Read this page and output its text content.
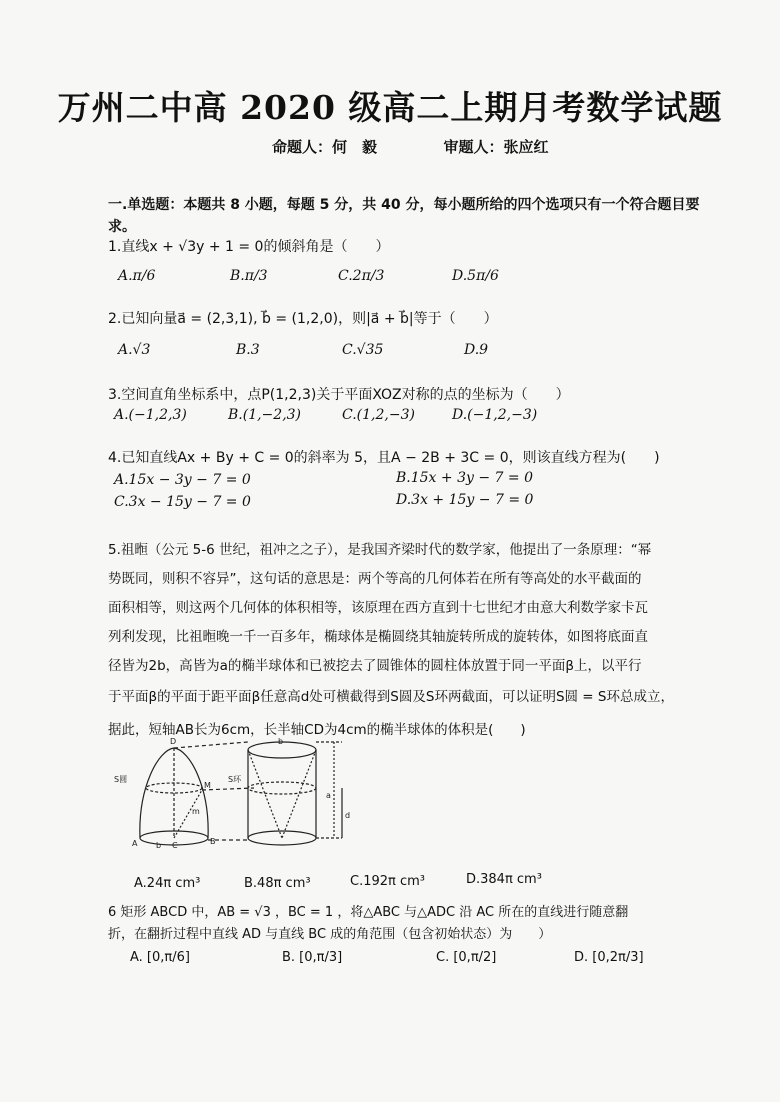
万州二中高 2020 级高二上期月考数学试题
命题人：何　毅	审题人：张应红
一.单选题：本题共 8 小题，每题 5 分，共 40 分，每小题所给的四个选项只有一个符合题目要求。
1.直线x + √3y + 1 = 0的倾斜角是（　　）
A.π/6	B.π/3	C.2π/3	D.5π/6
2.已知向量a⃗ = (2,3,1), b⃗ = (1,2,0)，则|a⃗ + b⃗|等于（　　）
A.√3	B.3	C.√35	D.9
3.空间直角坐标系中，点P(1,2,3)关于平面XOZ对称的点的坐标为（　　）
A.(−1,2,3)	B.(1,−2,3)	C.(1,2,−3)	D.(−1,2,−3)
4.已知直线Ax + By + C = 0的斜率为 5，且A − 2B + 3C = 0，则该直线方程为(　　)
A.15x − 3y − 7 = 0	B.15x + 3y − 7 = 0
C.3x − 15y − 7 = 0	D.3x + 15y − 7 = 0
5.祖暅（公元 5-6 世纪，祖冲之之子），是我国齐梁时代的数学家，他提出了一条原理：“幂
势既同，则积不容异”，这句话的意思是：两个等高的几何体若在所有等高处的水平截面的
面积相等，则这两个几何体的体积相等，该原理在西方直到十七世纪才由意大利数学家卡瓦
列利发现，比祖暅晚一千一百多年，椭球体是椭圆绕其轴旋转所成的旋转体，如图将底面直
径皆为2b，高皆为a的椭半球体和已被挖去了圆锥体的圆柱体放置于同一平面β上，以平行
于平面β的平面于距平面β任意高d处可横截得到S圆及S环两截面，可以证明S圆 = S环总成立，
据此，短轴AB长为6cm，长半轴CD为4cm的椭半球体的体积是(　　)
D
S圆	S环
M
m
A	B
C
b
b
a
d
A.24π cm³	B.48π cm³	C.192π cm³	D.384π cm³
6 矩形 ABCD 中，AB = √3 ，BC = 1 ，将△ABC 与△ADC 沿 AC 所在的直线进行随意翻
折，在翻折过程中直线 AD 与直线 BC 成的角范围（包含初始状态）为　　）
A. [0,π/6]	B. [0,π/3]	C. [0,π/2]	D. [0,2π/3]
